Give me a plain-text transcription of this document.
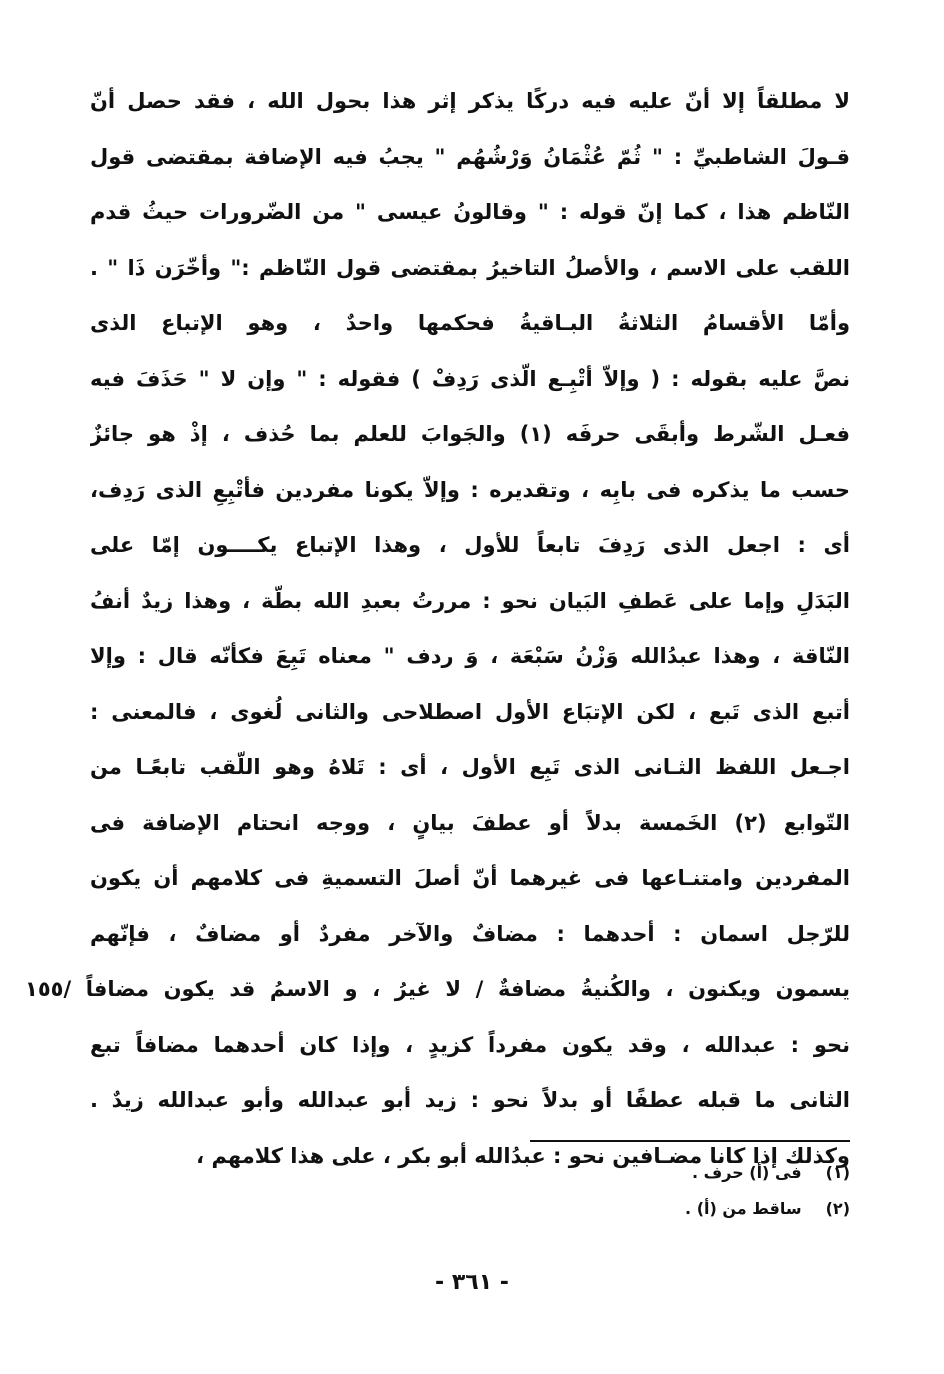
لا مطلقاً إلا أنّ عليه فيه دركًا يذكر إثر هذا بحول الله ، فقد حصل أنّ
قـولَ الشاطبيِّ : " ثُمّ عُثْمَانُ وَرْشُهُم " يجبُ فيه الإضافة بمقتضى قول
النّاظم هذا ، كما إنّ قوله : " وقالونُ عيسى " من الضّرورات حيثُ قدم
اللقب على الاسم ، والأصلُ التاخيرُ بمقتضى قول النّاظم :" وأخّرَن ذَا " .
وأمّا الأقسامُ الثلاثةُ البـاقيةُ فحكمها واحدٌ ، وهو الإتباع الذى
نصَّ عليه بقوله : ( وإلاّ أتْبِـع الّذى رَدِفْ ) فقوله : " وإن لا " حَذَفَ فيه
فعـل الشّرط وأبقَى حرفَه (١) والجَوابَ للعلم بما حُذف ، إذْ هو جائزٌ
حسب ما يذكره فى بابِه ، وتقديره : وإلاّ يكونا مفردين فأتْبِعِ الذى رَدِف،
أى : اجعل الذى رَدِفَ تابعاً للأول ، وهذا الإتباع يكــــون إمّا على
البَدَلِ وإما على عَطفِ البَيان نحو : مررتُ بعبدِ الله بطّة ، وهذا زيدٌ أنفُ
النّاقة ، وهذا عبدُالله وَزْنُ سَبْعَة ، وَ ردف " معناه تَبِعَ فكأنّه قال : وإلا
أتبع الذى تَبع ، لكن الإتبَاع الأول اصطلاحى والثانى لُغوى ، فالمعنى :
اجـعل اللفظ الثـانى الذى تَبِع الأول ، أى : تَلاهُ وهو اللّقب تابعًـا من
التّوابع (٢) الخَمسة بدلاً أو عطفَ بيانٍ ، ووجه انحتام الإضافة فى
المفردين وامتنـاعها فى غيرهما أنّ أصلَ التسميةِ فى كلامهم أن يكون
للرّجل اسمان : أحدهما : مضافٌ والآخر مفردٌ أو مضافٌ ، فإنّهم
يسمون ويكنون ، والكُنيةُ مضافةٌ / لا غيرُ ، و الاسمُ قد يكون مضافاً /١٥٥
نحو : عبدالله ، وقد يكون مفرداً كزيدٍ ، وإذا كان أحدهما مضافاً تبع
الثانى ما قبله عطفًا أو بدلاً نحو : زيد أبو عبدالله وأبو عبدالله زيدٌ .
وكذلك إذا كانا مضـافين نحو : عبدُالله أبو بكر ، على هذا كلامهم ،
(١)
فى (أ) حرف .
(٢)
ساقط من (أ) .
- ٣٦١ -
